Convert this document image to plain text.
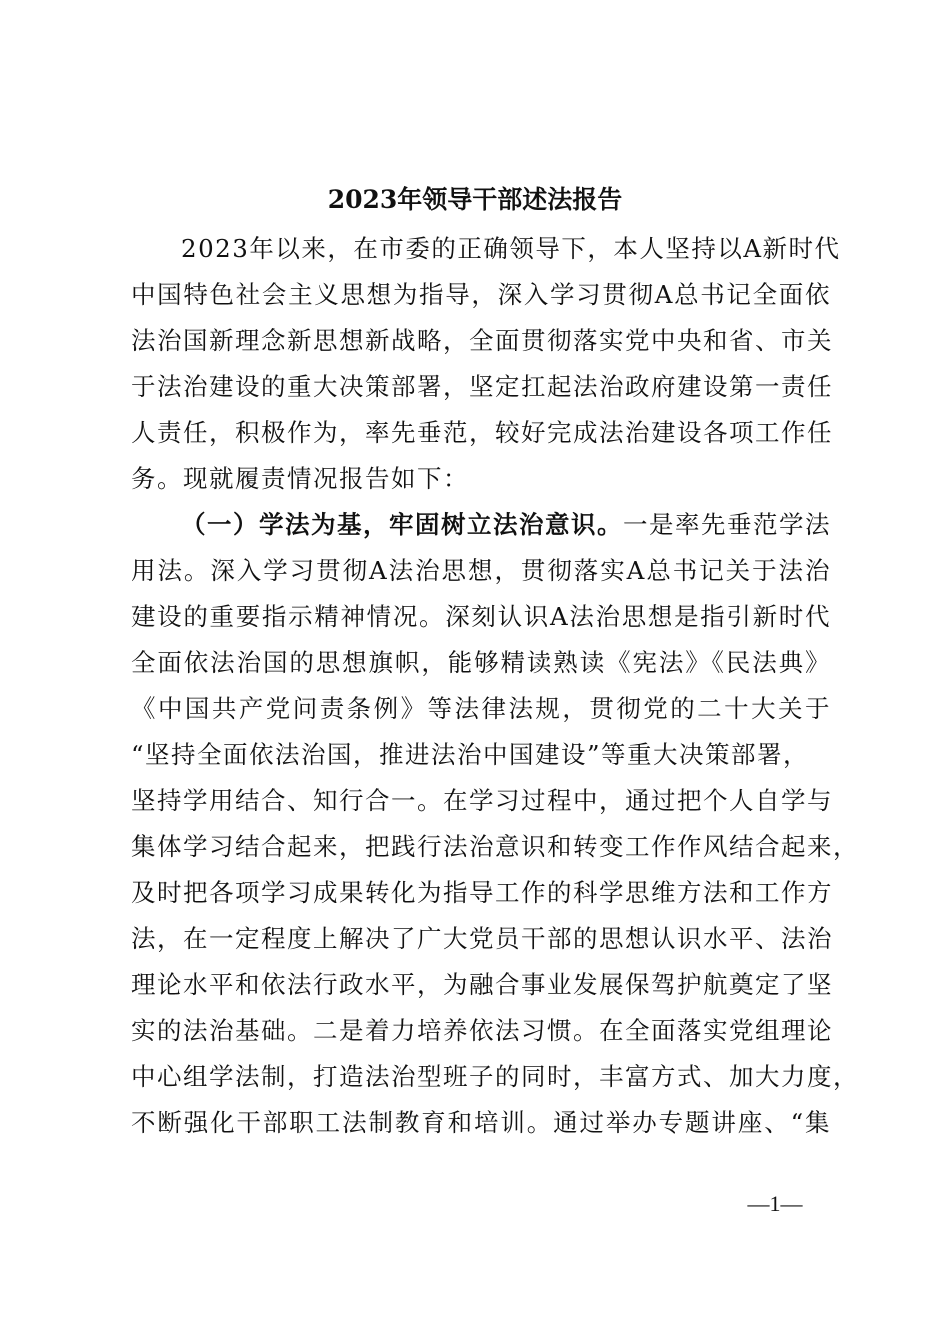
2023年领导干部述法报告
2023年以来，在市委的正确领导下，本人坚持以A新时代
中国特色社会主义思想为指导，深入学习贯彻A总书记全面依
法治国新理念新思想新战略，全面贯彻落实党中央和省、市关
于法治建设的重大决策部署，坚定扛起法治政府建设第一责任
人责任，积极作为，率先垂范，较好完成法治建设各项工作任
务。现就履责情况报告如下：
（一）学法为基，牢固树立法治意识。一是率先垂范学法
用法。深入学习贯彻A法治思想，贯彻落实A总书记关于法治
建设的重要指示精神情况。深刻认识A法治思想是指引新时代
全面依法治国的思想旗帜，能够精读熟读《宪法》《民法典》
《中国共产党问责条例》等法律法规，贯彻党的二十大关于
“坚持全面依法治国，推进法治中国建设”等重大决策部署，
坚持学用结合、知行合一。在学习过程中，通过把个人自学与
集体学习结合起来，把践行法治意识和转变工作作风结合起来，
及时把各项学习成果转化为指导工作的科学思维方法和工作方
法，在一定程度上解决了广大党员干部的思想认识水平、法治
理论水平和依法行政水平，为融合事业发展保驾护航奠定了坚
实的法治基础。二是着力培养依法习惯。在全面落实党组理论
中心组学法制，打造法治型班子的同时，丰富方式、加大力度，
不断强化干部职工法制教育和培训。通过举办专题讲座、“集
—1—
